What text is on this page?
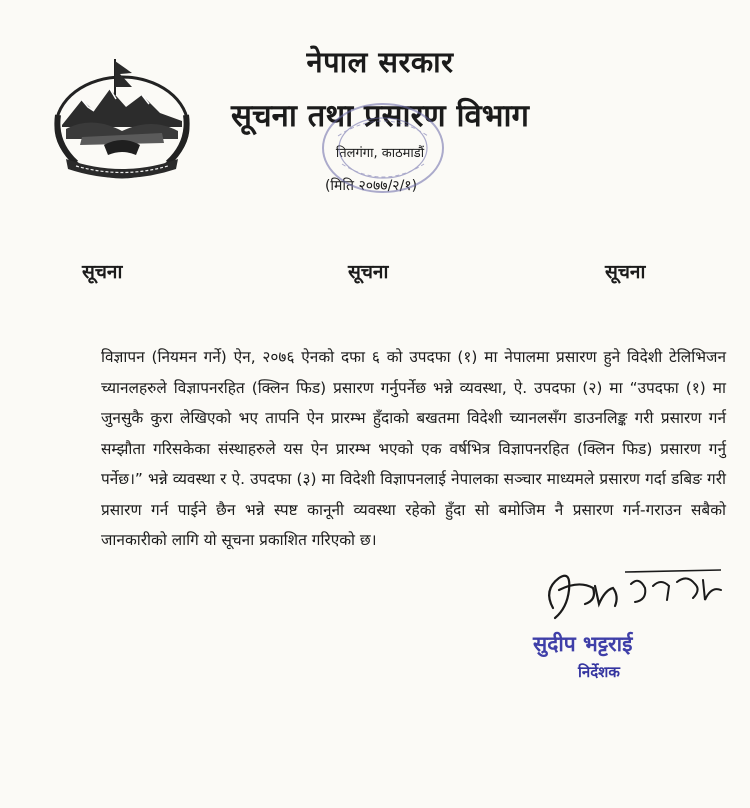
नेपाल सरकार
सूचना तथा प्रसारण विभाग
तिलगंगा, काठमाडौं
(मिति २०७७/२/१)
सूचना	सूचना	सूचना
विज्ञापन (नियमन गर्ने) ऐन, २०७६ ऐनको दफा ६ को उपदफा (१) मा नेपालमा प्रसारण हुने विदेशी टेलिभिजन च्यानलहरुले विज्ञापनरहित (क्लिन फिड) प्रसारण गर्नुपर्नेछ भन्ने व्यवस्था, ऐ. उपदफा (२) मा “उपदफा (१) मा जुनसुकै कुरा लेखिएको भए तापनि ऐन प्रारम्भ हुँदाको बखतमा विदेशी च्यानलसँग डाउनलिङ्क गरी प्रसारण गर्न सम्झौता गरिसकेका संस्थाहरुले यस ऐन प्रारम्भ भएको एक वर्षभित्र विज्ञापनरहित (क्लिन फिड) प्रसारण गर्नु पर्नेछ।” भन्ने व्यवस्था र ऐ. उपदफा (३) मा विदेशी विज्ञापनलाई नेपालका सञ्चार माध्यमले प्रसारण गर्दा डबिङ गरी प्रसारण गर्न पाईने छैन भन्ने स्पष्ट कानूनी व्यवस्था रहेको हुँदा सो बमोजिम नै प्रसारण गर्न-गराउन सबैको जानकारीको लागि यो सूचना प्रकाशित गरिएको छ।
सुदीप भट्टराई
निर्देशक
